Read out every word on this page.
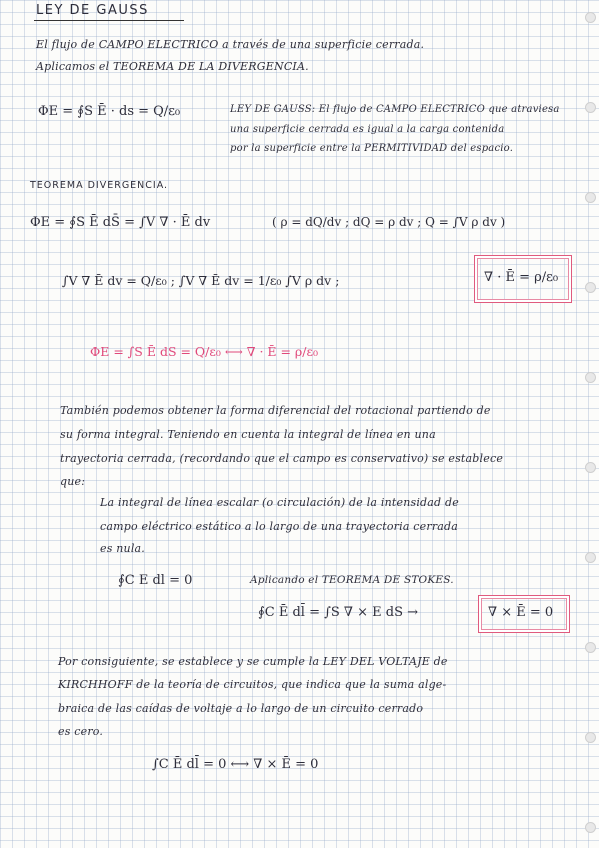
LEY DE GAUSS
El flujo de CAMPO ELECTRICO a través de una superficie cerrada.
Aplicamos el TEOREMA DE LA DIVERGENCIA.
ΦE = ∮S Ē · ds = Q/ε₀	LEY DE GAUSS: El flujo de CAMPO ELECTRICO que atraviesa
una superficie cerrada es igual a la carga contenida
por la superficie entre la PERMITIVIDAD del espacio.
TEOREMA DIVERGENCIA.
ΦE = ∮S Ē dS̄ = ∫V ∇ · Ē dv	( ρ = dQ/dv ; dQ = ρ dv ; Q = ∫V ρ dv )
∫V ∇ Ē dv = Q/ε₀ ; ∫V ∇ Ē dv = 1/ε₀ ∫V ρ dv ;	∇ · Ē = ρ/ε₀
ΦE = ∫S Ē dS = Q/ε₀ ⟷ ∇ · Ē = ρ/ε₀
También podemos obtener la forma diferencial del rotacional partiendo de
su forma integral. Teniendo en cuenta la integral de línea en una
trayectoria cerrada, (recordando que el campo es conservativo) se establece
que:
La integral de línea escalar (o circulación) de la intensidad de
campo eléctrico estático a lo largo de una trayectoria cerrada
es nula.
∮C E dl = 0	Aplicando el TEOREMA DE STOKES.
∮C Ē dl̄ = ∫S ∇ × E dS →	∇ × Ē = 0
Por consiguiente, se establece y se cumple la LEY DEL VOLTAJE de
KIRCHHOFF de la teoría de circuitos, que indica que la suma alge-
braica de las caídas de voltaje a lo largo de un circuito cerrado
es cero.
∫C Ē dl̄ = 0 ⟷ ∇ × Ē = 0
